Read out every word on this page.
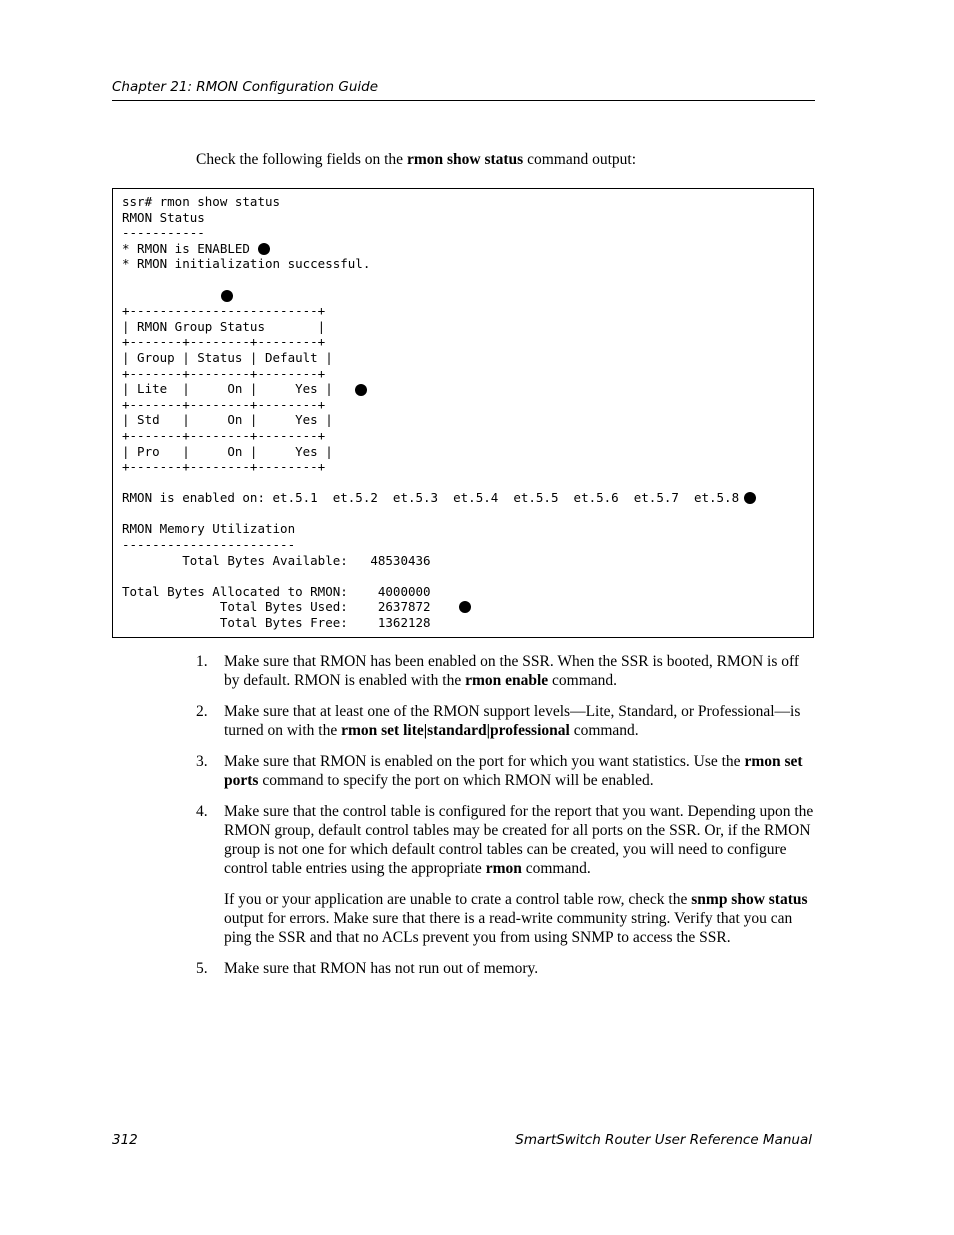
Chapter 21: RMON Configuration Guide
Check the following fields on the rmon show status command output:
ssr# rmon show status
RMON Status
-----------
* RMON is ENABLED
* RMON initialization successful.

+-------------------------+
| RMON Group Status       |
+-------+--------+--------+
| Group | Status | Default |
+-------+--------+--------+
| Lite  |     On |     Yes |
+-------+--------+--------+
| Std   |     On |     Yes |
+-------+--------+--------+
| Pro   |     On |     Yes |
+-------+--------+--------+

RMON is enabled on: et.5.1  et.5.2  et.5.3  et.5.4  et.5.5  et.5.6  et.5.7  et.5.8

RMON Memory Utilization
-----------------------
Total Bytes Available:   48530436

Total Bytes Allocated to RMON:    4000000
Total Bytes Used:    2637872
Total Bytes Free:    1362128
1. Make sure that RMON has been enabled on the SSR. When the SSR is booted, RMON is off by default. RMON is enabled with the rmon enable command.
2. Make sure that at least one of the RMON support levels—Lite, Standard, or Professional—is turned on with the rmon set lite|standard|professional command.
3. Make sure that RMON is enabled on the port for which you want statistics. Use the rmon set ports command to specify the port on which RMON will be enabled.
4. Make sure that the control table is configured for the report that you want. Depending upon the RMON group, default control tables may be created for all ports on the SSR. Or, if the RMON group is not one for which default control tables can be created, you will need to configure control table entries using the appropriate rmon command.
If you or your application are unable to crate a control table row, check the snmp show status output for errors. Make sure that there is a read-write community string. Verify that you can ping the SSR and that no ACLs prevent you from using SNMP to access the SSR.
5. Make sure that RMON has not run out of memory.
312	SmartSwitch Router User Reference Manual
